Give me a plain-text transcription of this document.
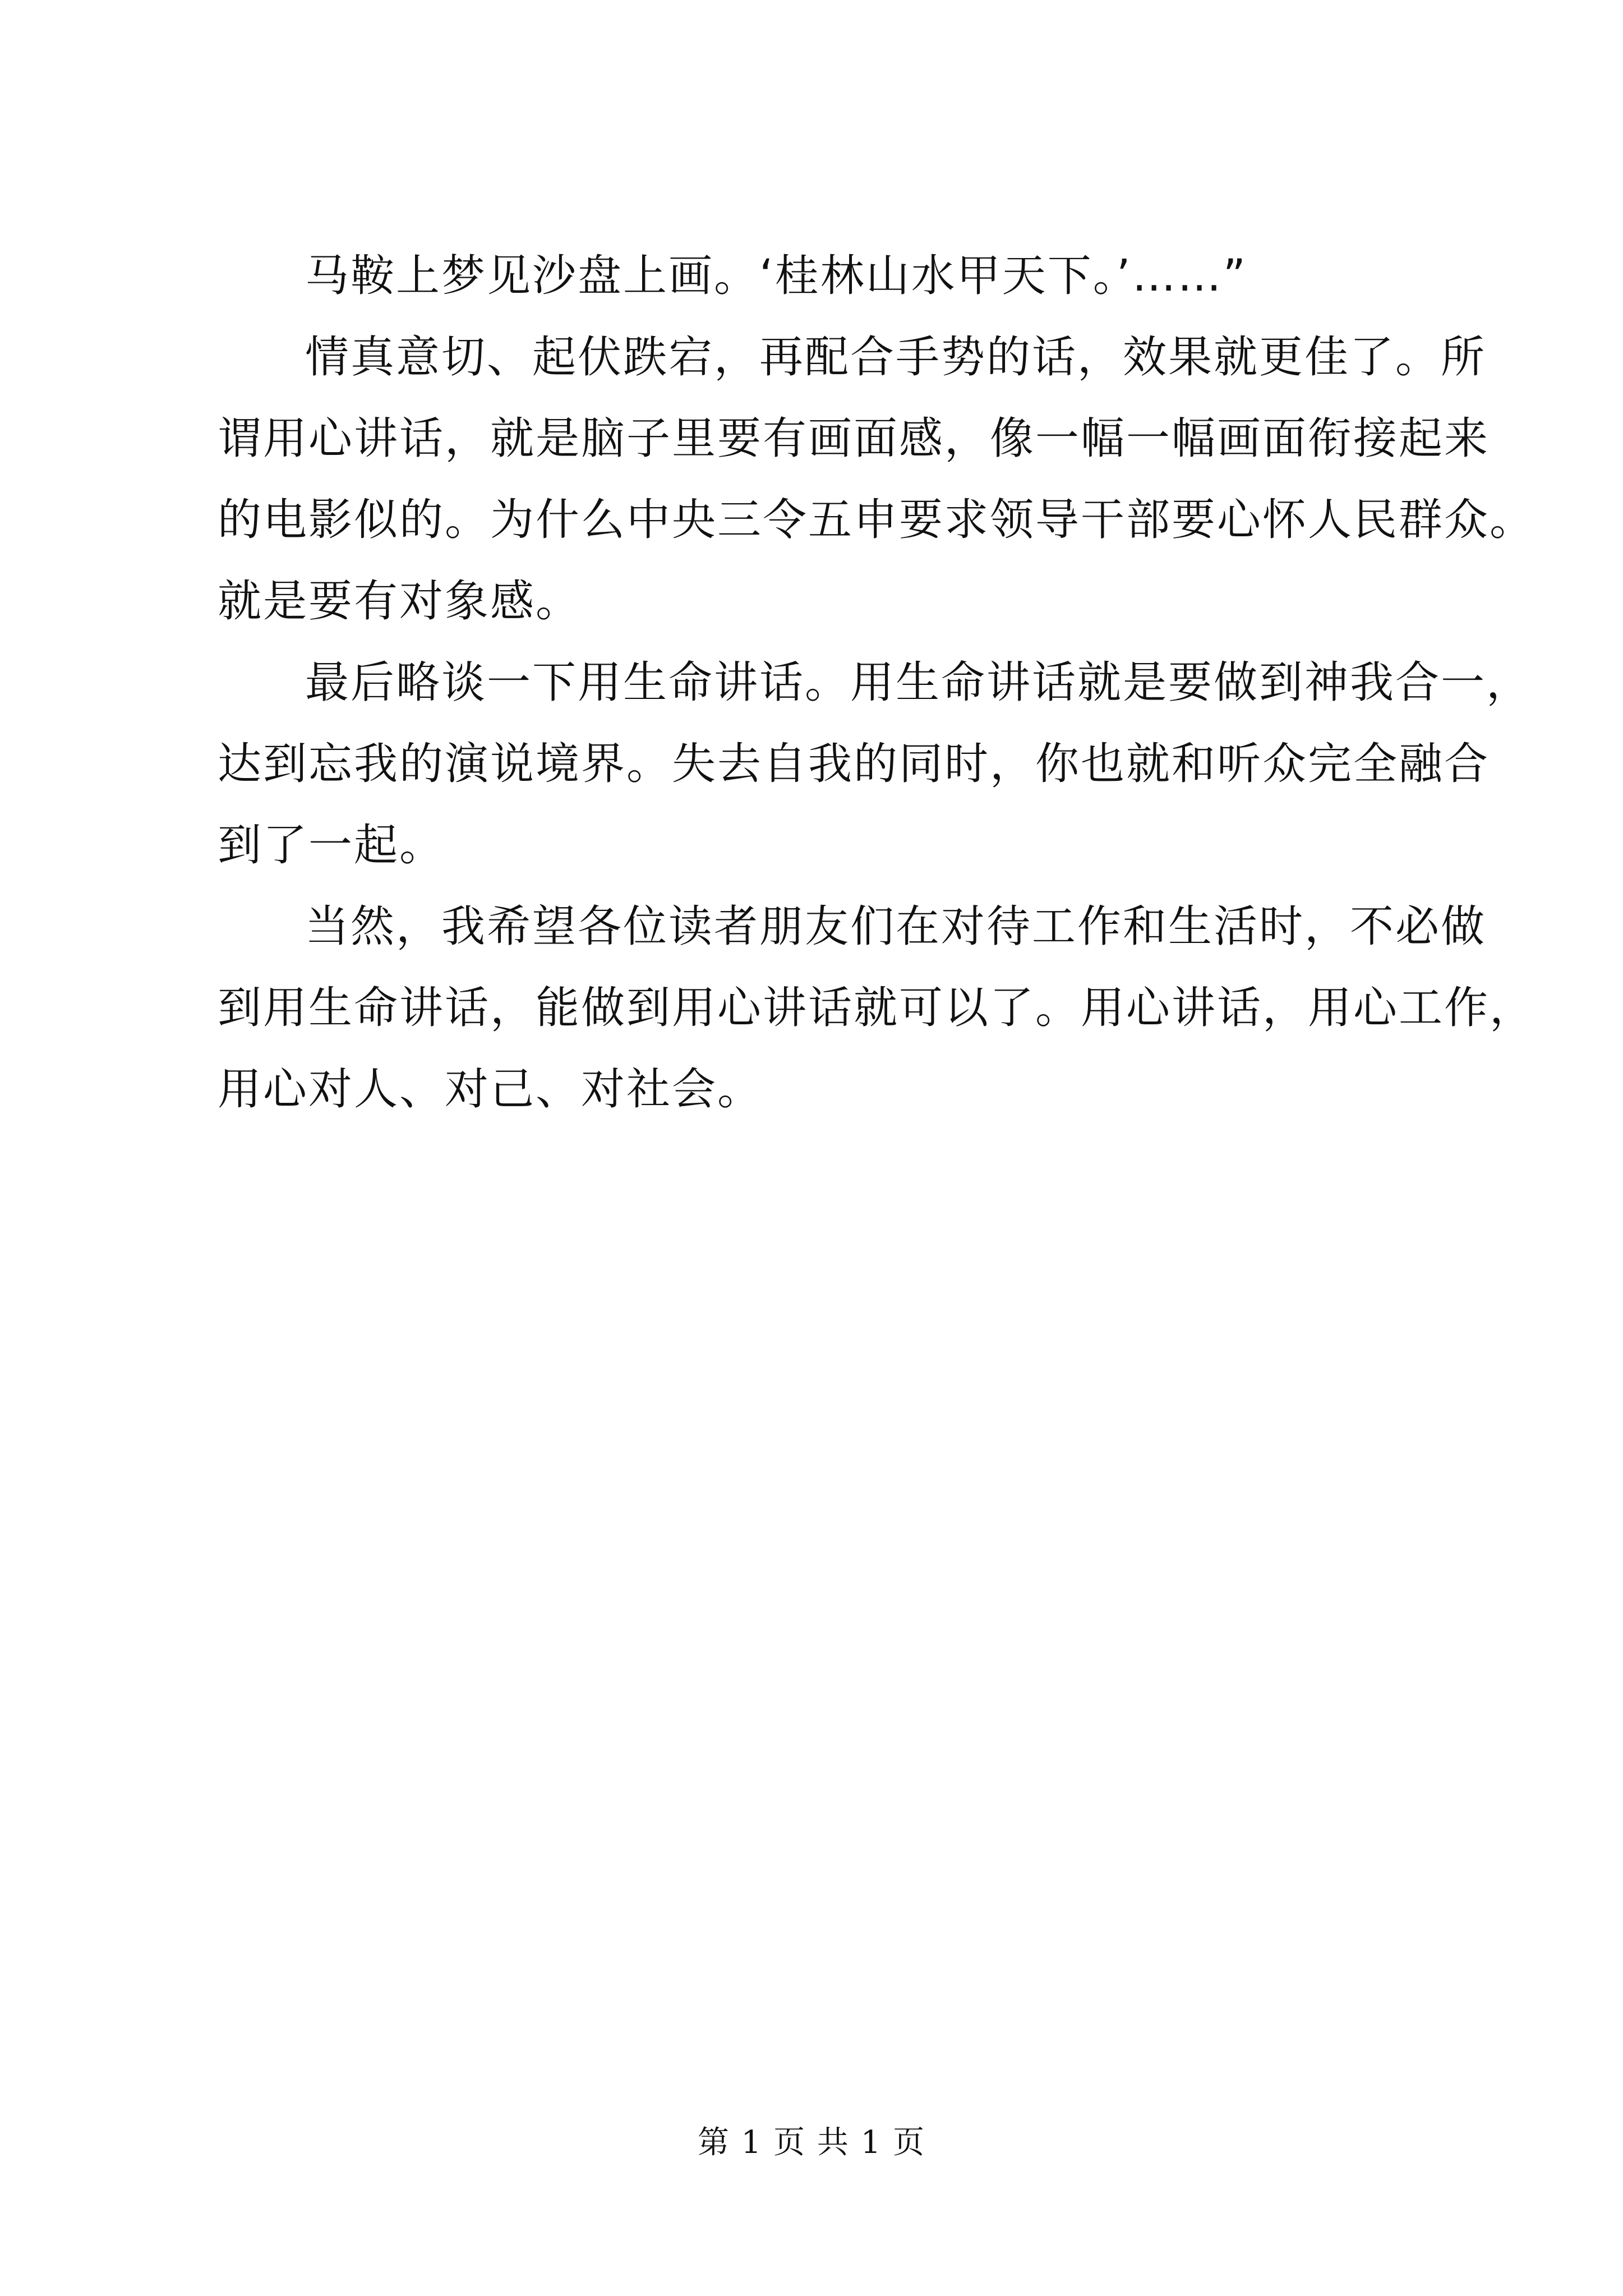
马鞍上梦见沙盘上画。‘桂林山水甲天下。’……”
情真意切、起伏跌宕，再配合手势的话，效果就更佳了。所
谓用心讲话，就是脑子里要有画面感，像一幅一幅画面衔接起来
的电影似的。为什么中央三令五申要求领导干部要心怀人民群众。
就是要有对象感。
最后略谈一下用生命讲话。用生命讲话就是要做到神我合一，
达到忘我的演说境界。失去自我的同时，你也就和听众完全融合
到了一起。
当然，我希望各位读者朋友们在对待工作和生活时，不必做
到用生命讲话，能做到用心讲话就可以了。用心讲话，用心工作，
用心对人、对己、对社会。
第 1 页 共 1 页
